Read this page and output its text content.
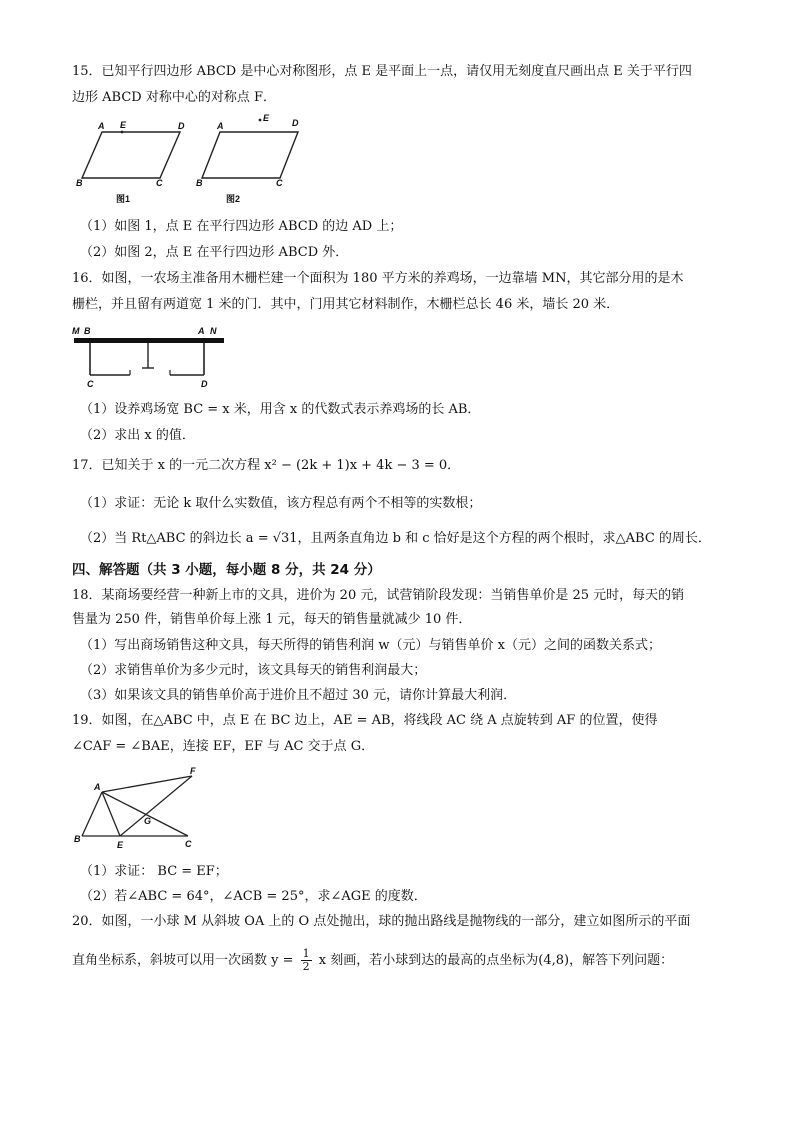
15．已知平行四边形 ABCD 是中心对称图形，点 E 是平面上一点，请仅用无刻度直尺画出点 E 关于平行四
边形 ABCD 对称中心的对称点 F．
A E	D
B	C
图1
A
E	D
B	C
图2
（1）如图 1，点 E 在平行四边形 ABCD 的边 AD 上；
（2）如图 2，点 E 在平行四边形 ABCD 外．
16．如图，一农场主准备用木栅栏建一个面积为 180 平方米的养鸡场，一边靠墙 MN，其它部分用的是木
栅栏，并且留有两道宽 1 米的门．其中，门用其它材料制作，木栅栏总长 46 米，墙长 20 米．
M B	A N
C	D
（1）设养鸡场宽 BC = x 米，用含 x 的代数式表示养鸡场的长 AB．
（2）求出 x 的值．
17．已知关于 x 的一元二次方程 x² − (2k + 1)x + 4k − 3 = 0．
（1）求证：无论 k 取什么实数值，该方程总有两个不相等的实数根；
（2）当 Rt△ABC 的斜边长 a = √31，且两条直角边 b 和 c 恰好是这个方程的两个根时，求△ABC 的周长．
四、解答题（共 3 小题，每小题 8 分，共 24 分）
18．某商场要经营一种新上市的文具，进价为 20 元，试营销阶段发现：当销售单价是 25 元时，每天的销
售量为 250 件，销售单价每上涨 1 元，每天的销售量就减少 10 件．
（1）写出商场销售这种文具，每天所得的销售利润 w（元）与销售单价 x（元）之间的函数关系式；
（2）求销售单价为多少元时，该文具每天的销售利润最大；
（3）如果该文具的销售单价高于进价且不超过 30 元，请你计算最大利润．
19．如图，在△ABC 中，点 E 在 BC 边上，AE = AB，将线段 AC 绕 A 点旋转到 AF 的位置，使得
∠CAF = ∠BAE，连接 EF，EF 与 AC 交于点 G．
A
B	C
E
F
G
（1）求证： BC = EF；
（2）若∠ABC = 64°，∠ACB = 25°，求∠AGE 的度数．
20．如图，一小球 M 从斜坡 OA 上的 O 点处抛出，球的抛出路线是抛物线的一部分，建立如图所示的平面
直角坐标系，斜坡可以用一次函数 $y = \frac{1}{2}$ x 刻画，若小球到达的最高的点坐标为(4,8)，解答下列问题：
